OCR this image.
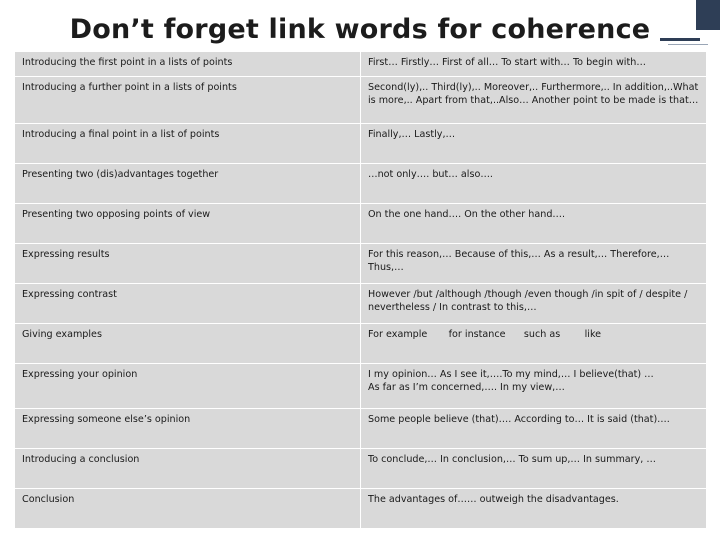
Don’t forget link words for coherence
Introducing the first point in a lists of points	First… Firstly… First of all… To start with… To begin with…
Introducing a further point in a lists of points	Second(ly),.. Third(ly),.. Moreover,.. Furthermore,.. In addition,..What is more,.. Apart from that,..Also… Another point to be made is that…
Introducing a final point in a list of points	Finally,… Lastly,…
Presenting two (dis)advantages together	…not only…. but… also….
Presenting two opposing points of view	On the one hand…. On the other hand….
Expressing results	For this reason,… Because of this,… As a result,… Therefore,… Thus,…
Expressing contrast	However /but /although /though /even though /in spit of / despite / nevertheless / In contrast to this,…
Giving examples	For example       for instance      such as        like
Expressing your opinion	I my opinion… As I see it,….To my mind,… I believe(that) …
As far as I’m concerned,…. In my view,…
Expressing someone else’s opinion	Some people believe (that)…. According to… It is said (that)….
Introducing a conclusion	To conclude,… In conclusion,… To sum up,… In summary, …
Conclusion	The advantages of…… outweigh the disadvantages.
